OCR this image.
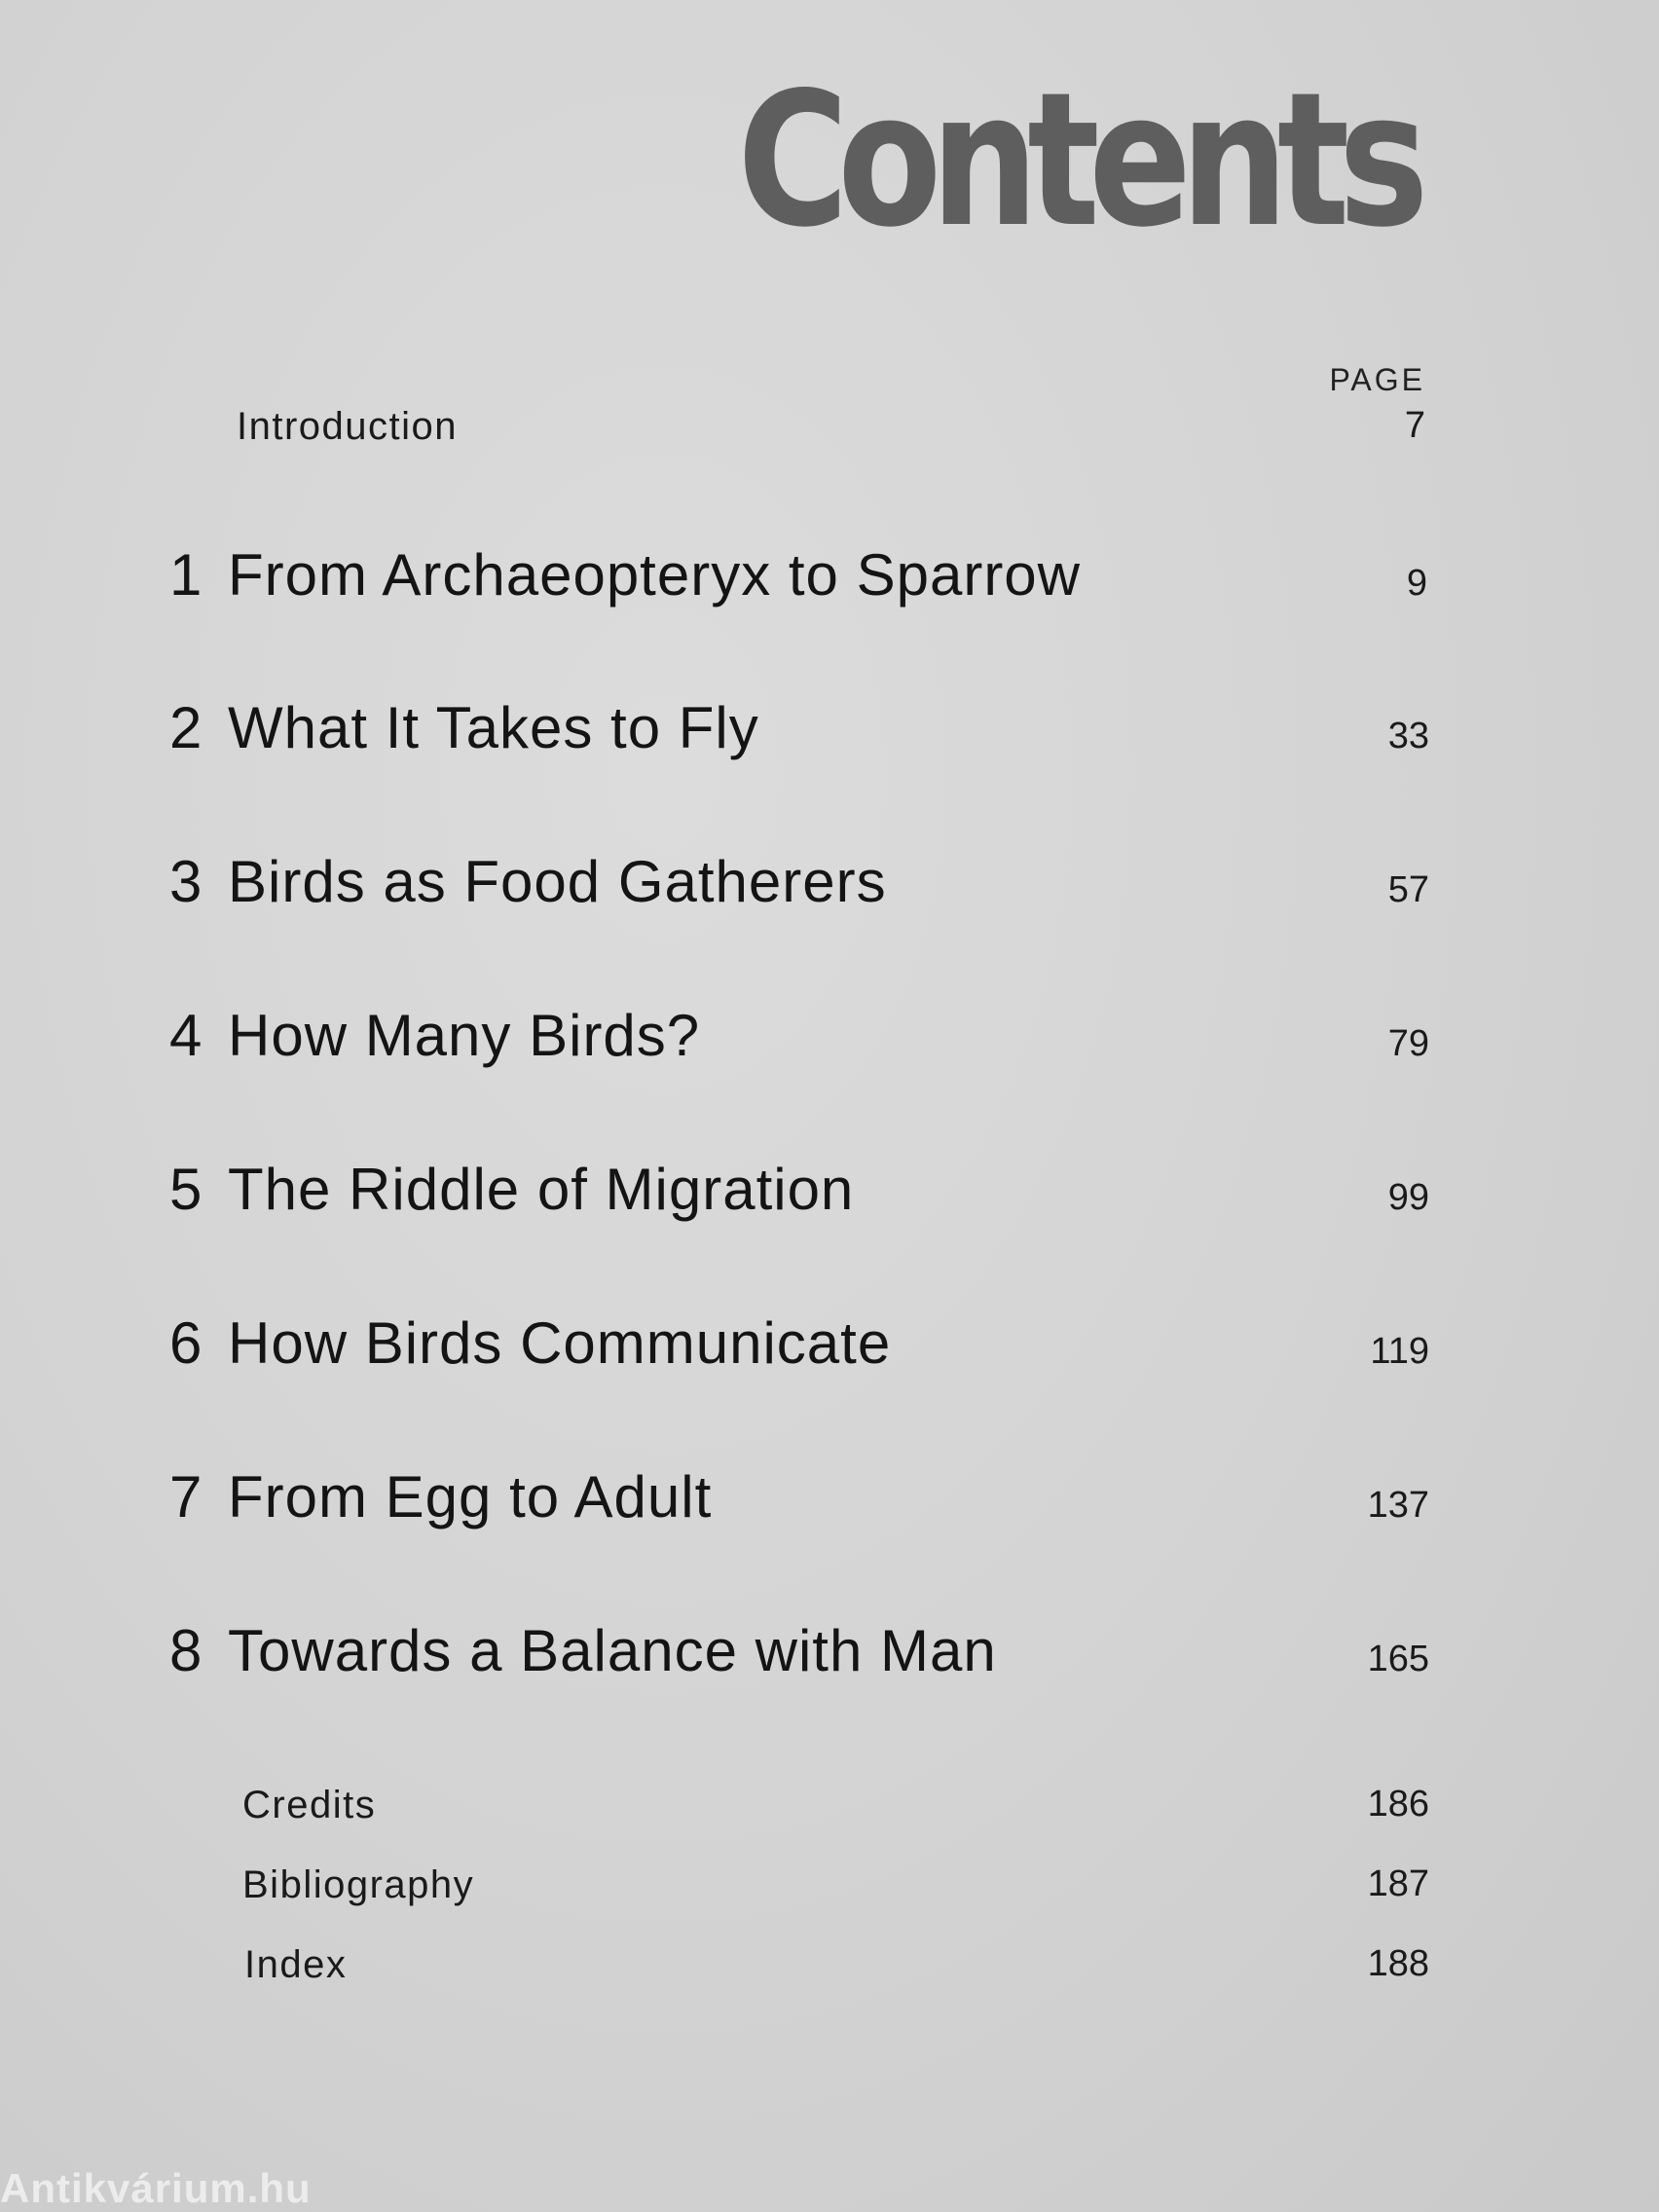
Contents
PAGE
Introduction	7
1 From Archaeopteryx to Sparrow	9
2 What It Takes to Fly	33
3 Birds as Food Gatherers	57
4 How Many Birds?	79
5 The Riddle of Migration	99
6 How Birds Communicate	119
7 From Egg to Adult	137
8 Towards a Balance with Man	165
Credits	186
Bibliography	187
Index	188
Antikvárium.hu
